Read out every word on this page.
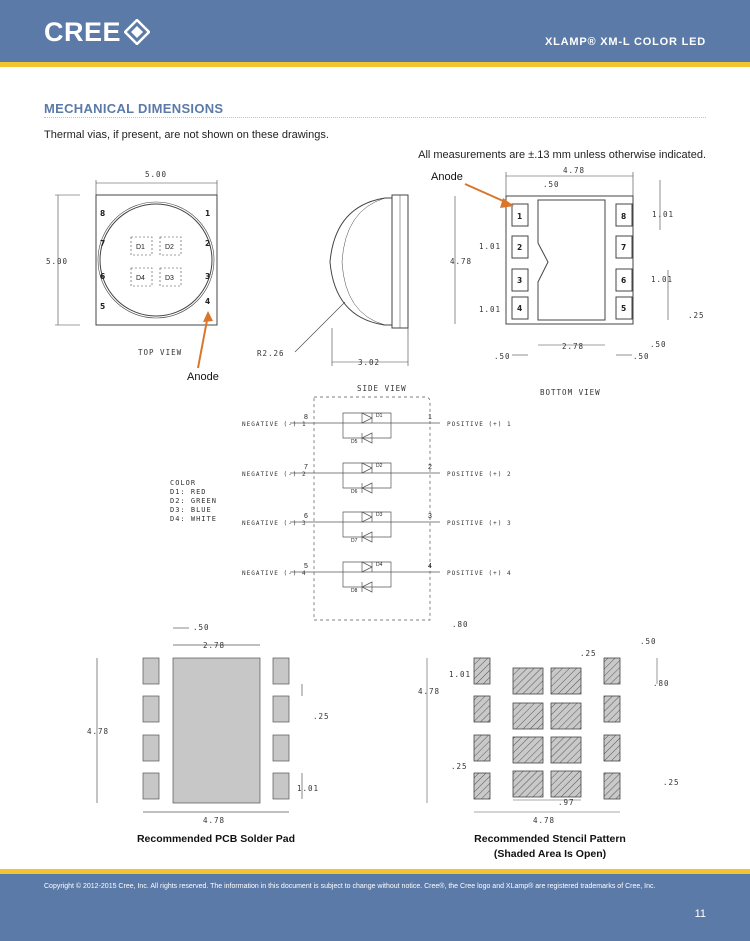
CREE	XLAMP® XM-L COLOR LED
MECHANICAL DIMENSIONS
Thermal vias, if present, are not shown on these drawings.
All measurements are ±.13 mm unless otherwise indicated.
5.00
5.00
D1	D2
D4	D3
8	1
7	2
6	3
5
4
TOP VIEW
Anode
R2.26
3.02
SIDE VIEW
4.78
.50
4.78
1.01
1.01
1.01
1.01
.25
.50
2.78	.50
.50
1
2
3
4
8
7
6
5
BOTTOM VIEW
Anode
NEGATIVE (-) 1
NEGATIVE (-) 2
NEGATIVE (-) 3
NEGATIVE (-) 4
POSITIVE (+) 1
POSITIVE (+) 2
POSITIVE (+) 3
POSITIVE (+) 4
8
7
6
5
1
2
3
4
D1
D2
D3
D4
D5
D6
D7
D8
COLOR
D1: RED
D2: GREEN
D3: BLUE
D4: WHITE
.50
2.78
4.78
.25
1.01
4.78
.80
.25
.50
1.01
4.78
.80
.25
.25
.97
4.78
Recommended PCB Solder Pad	Recommended Stencil Pattern
(Shaded Area Is Open)
Copyright © 2012-2015 Cree, Inc. All rights reserved. The information in this document is subject to change without notice. Cree®, the Cree logo and XLamp® are registered trademarks of Cree, Inc.
11
